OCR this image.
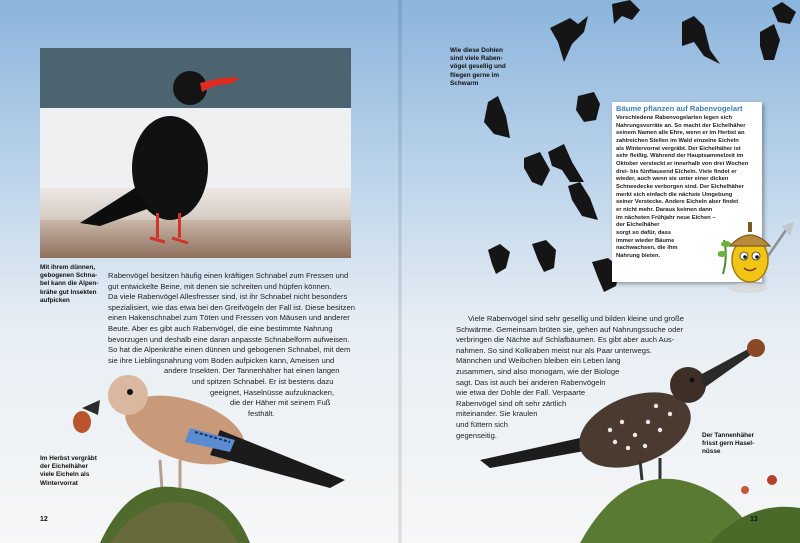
Mit ihrem dünnen,
gebogenen Schna-
bel kann die Alpen-
krähe gut Insekten
aufpicken

Rabenvögel besitzen häufig einen kräftigen Schnabel zum Fressen und

gut entwickelte Beine, mit denen sie schreiten und hüpfen können.

Da viele Rabenvögel Allesfresser sind, ist ihr Schnabel nicht besonders

spezialisiert, wie das etwa bei den Greifvögeln der Fall ist. Diese besitzen

einen Hakenschnabel zum Töten und Fressen von Mäusen und anderer

Beute. Aber es gibt auch Rabenvögel, die eine bestimmte Nahrung

bevorzugen und deshalb eine daran anpasste Schnabelform aufweisen.

So hat die Alpenkrähe einen dünnen und gebogenen Schnabel, mit dem

sie ihre Lieblingsnahrung vom Boden aufpicken kann, Ameisen und

andere Insekten. Der Tannenhäher hat einen langen

und spitzen Schnabel. Er ist bestens dazu

geeignet, Haselnüsse aufzuknacken,

die der Häher mit seinem Fuß

festhält.

Im Herbst vergräbt
der Eichelhäher
viele Eicheln als
Wintervorrat
12
Wie diese Dohlen
sind viele Raben-
vögel gesellig und
fliegen gerne im
Schwarm
Bäume pflanzen auf Rabenvogelart
Verschiedene Rabenvogelarten legen sich
Nahrungsvorräte an. So macht der Eichelhäher
seinem Namen alle Ehre, wenn er im Herbst an
zahlreichen Stellen im Wald einzelne Eicheln
als Wintervorrat vergräbt. Der Eichelhäher ist
sehr fleißig. Während der Hauptsammelzeit im
Oktober versteckt er innerhalb von drei Wochen
drei- bis fünftausend Eicheln. Viele findet er
wieder, auch wenn sie unter einer dicken
Schneedecke verborgen sind. Der Eichelhäher
merkt sich einfach die nächste Umgebung
seiner Verstecke. Andere Eicheln aber findet
er nicht mehr. Daraus keimen dann
im nächsten Frühjahr neue Eichen –
der Eichelhäher
sorgt so dafür, dass
immer wieder Bäume
nachwachsen, die ihm
Nahrung bieten.

Viele Rabenvögel sind sehr gesellig und bilden kleine und große

Schwärme. Gemeinsam brüten sie, gehen auf Nahrungssuche oder

verbringen die Nächte auf Schlafbäumen. Es gibt aber auch Aus-

nahmen. So sind Kolkraben meist nur als Paar unterwegs.

Männchen und Weibchen bleiben ein Leben lang

zusammen, sind also monogam, wie der Biologe

sagt. Das ist auch bei anderen Rabenvögeln

wie etwa der Dohle der Fall. Verpaarte

Rabenvögel sind oft sehr zärtlich

miteinander. Sie kraulen

und füttern sich

gegenseitig.	Der Tannenhäher
frisst gern Hasel-
nüsse
13
